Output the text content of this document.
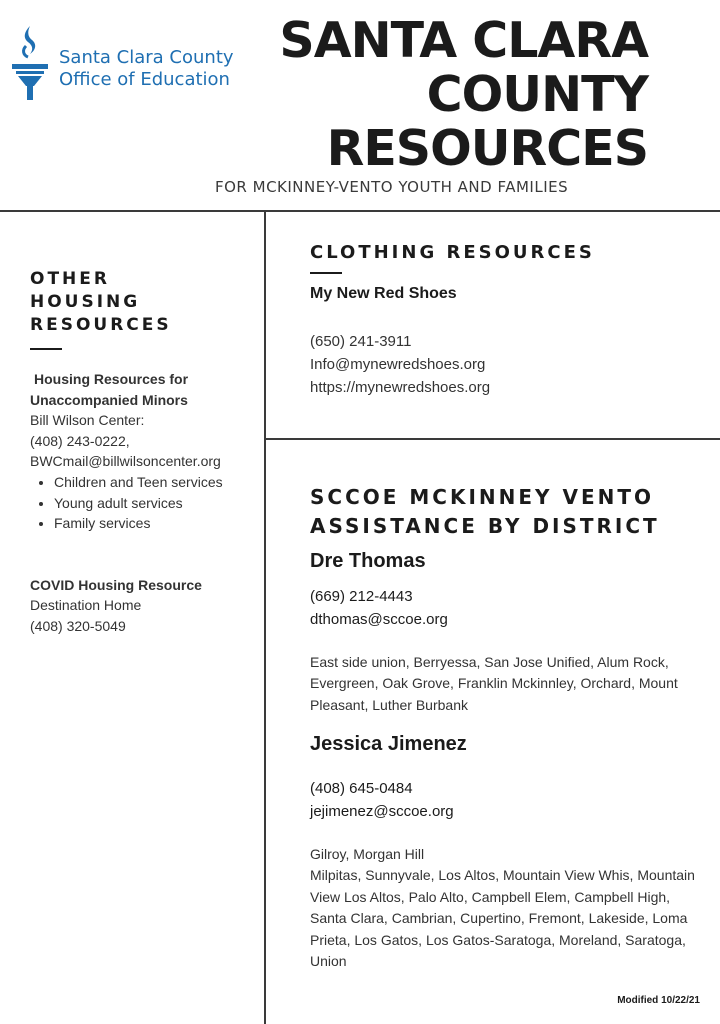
Santa Clara County
Office of Education
SANTA CLARA
COUNTY
RESOURCES
FOR MCKINNEY-VENTO YOUTH AND FAMILIES
OTHER
HOUSING
RESOURCES
Housing Resources for
Unaccompanied Minors
Bill Wilson Center:
(408) 243-0222,
BWCmail@billwilsoncenter.org
• Children and Teen services
• Young adult services
• Family services
COVID Housing Resource
Destination Home
(408) 320-5049
CLOTHING RESOURCES
My New Red Shoes
(650) 241-3911
Info@mynewredshoes.org
https://mynewredshoes.org
SCCOE MCKINNEY VENTO
ASSISTANCE BY DISTRICT
Dre Thomas
(669) 212-4443
dthomas@sccoe.org
East side union, Berryessa, San Jose Unified, Alum Rock, Evergreen, Oak Grove, Franklin Mckinnley, Orchard, Mount Pleasant, Luther Burbank
Jessica Jimenez
(408) 645-0484
jejimenez@sccoe.org
Gilroy, Morgan Hill
Milpitas, Sunnyvale, Los Altos, Mountain View Whis, Mountain View Los Altos, Palo Alto, Campbell Elem, Campbell High, Santa Clara, Cambrian, Cupertino, Fremont, Lakeside, Loma Prieta, Los Gatos, Los Gatos-Saratoga, Moreland, Saratoga, Union
Modified 10/22/21
